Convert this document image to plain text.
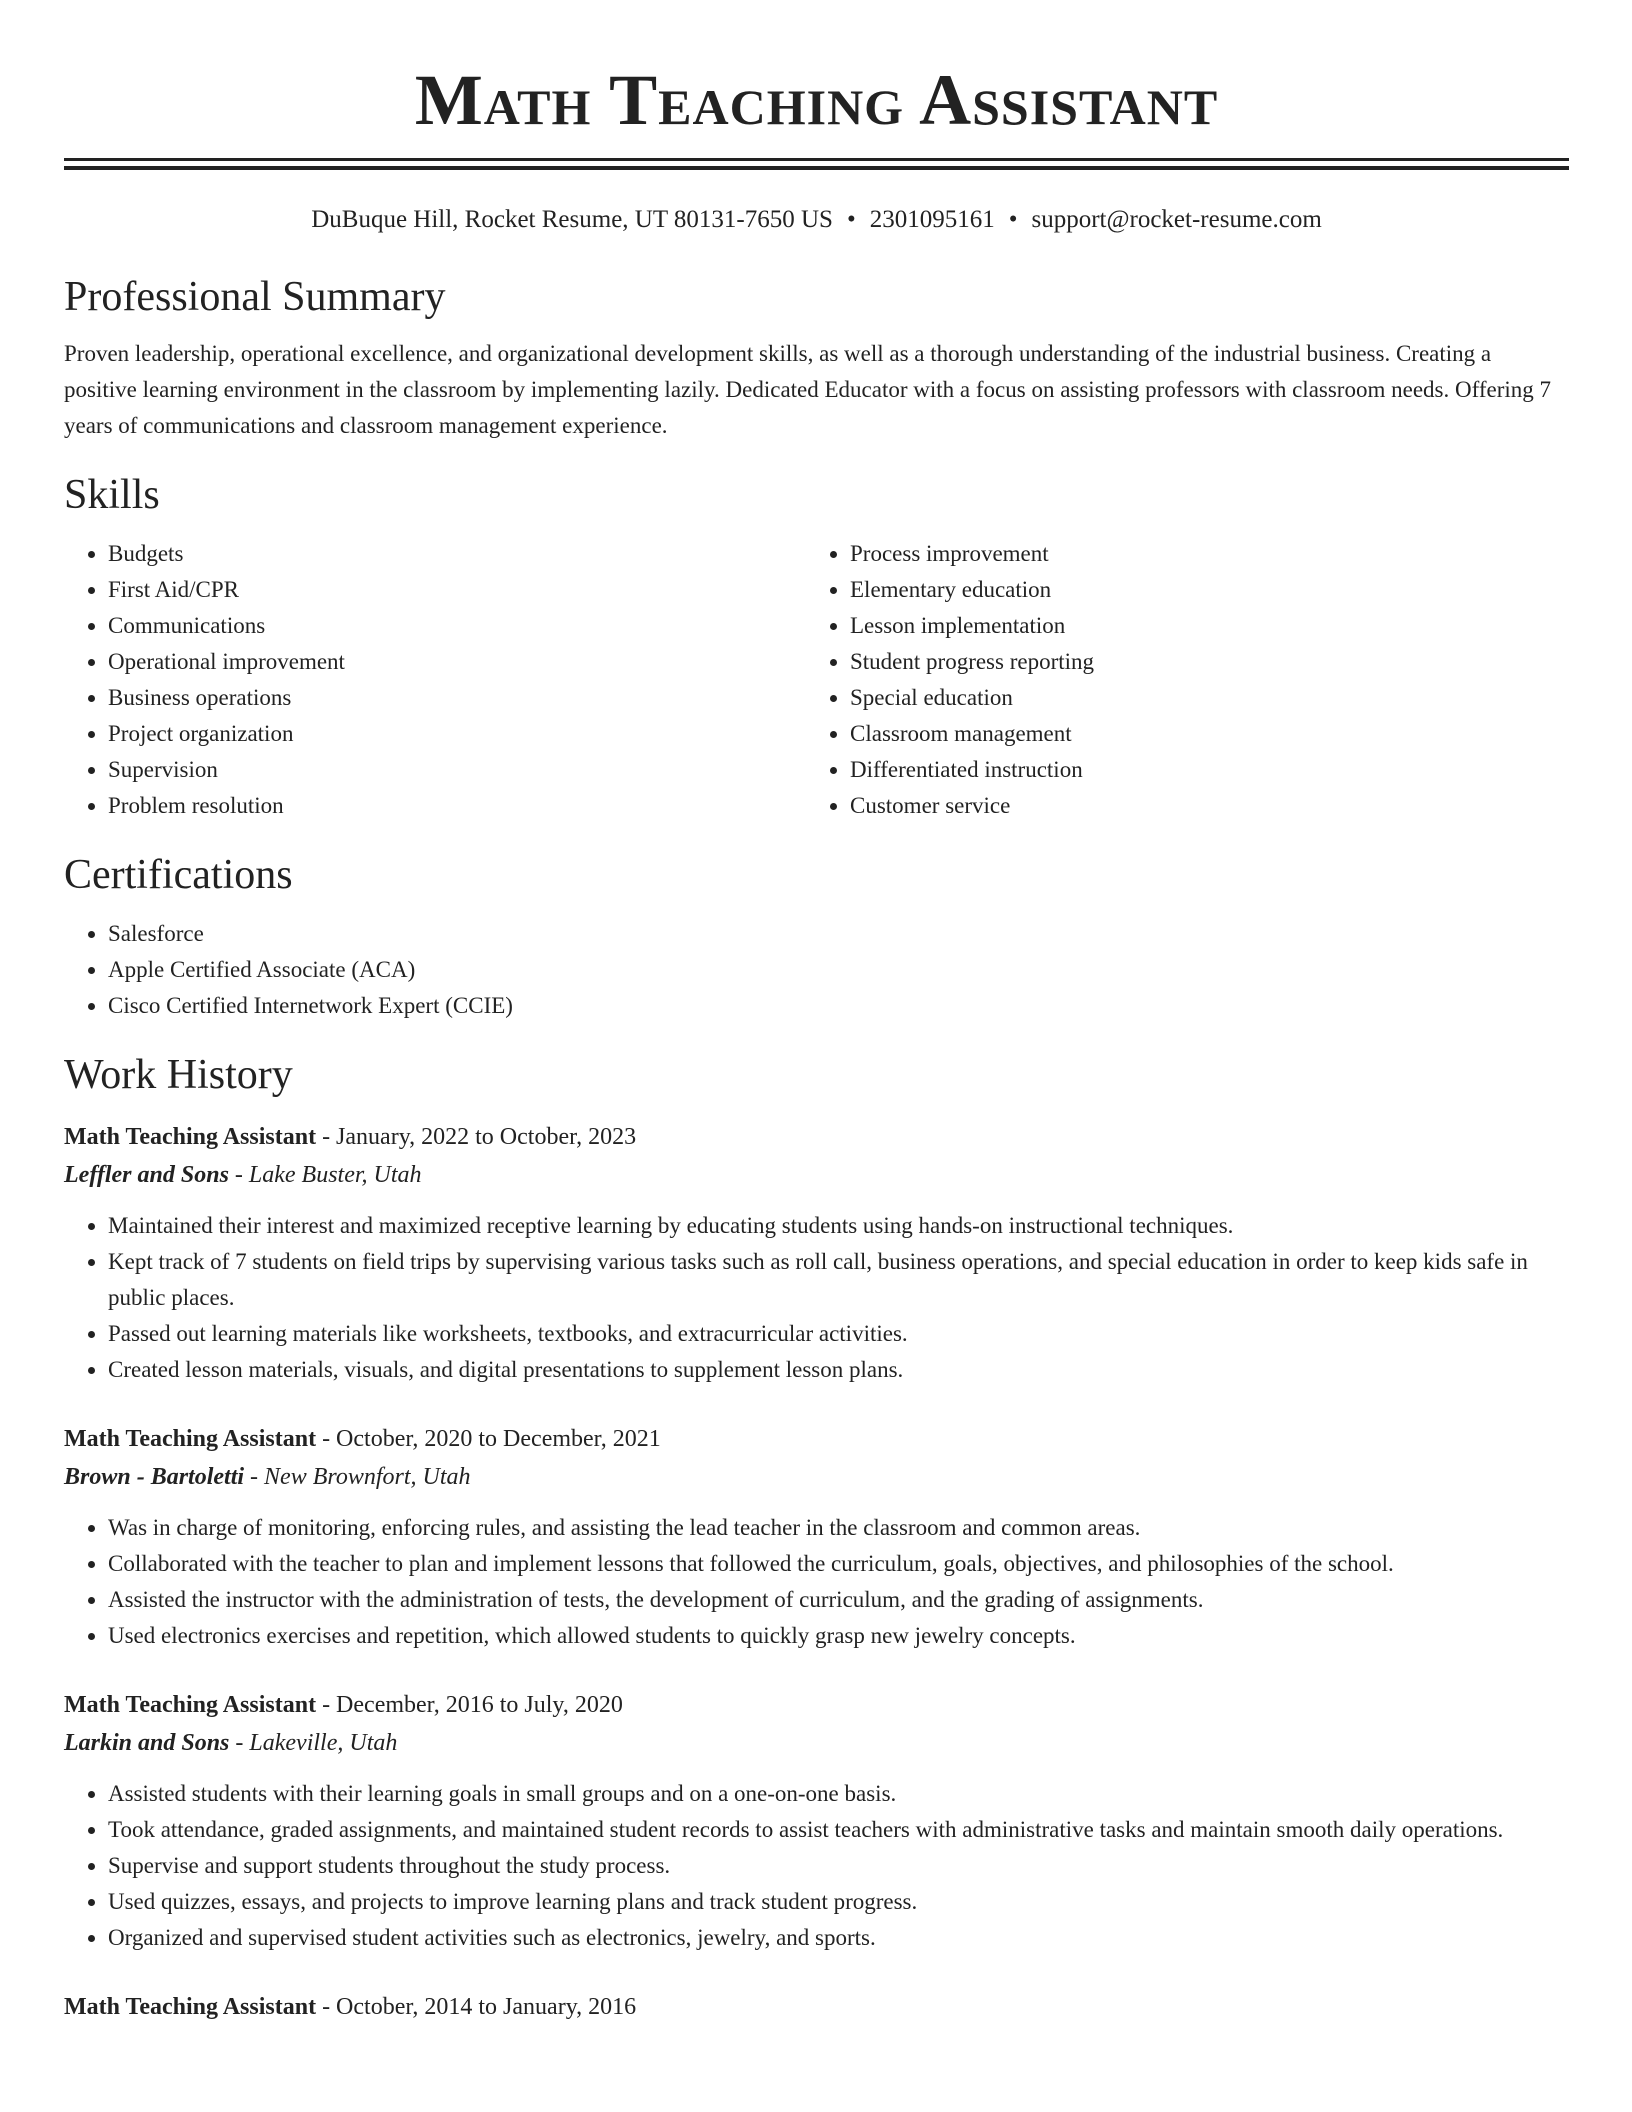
Math Teaching Assistant
DuBuque Hill, Rocket Resume, UT 80131-7650 US • 2301095161 • support@rocket-resume.com
Professional Summary

Proven leadership, operational excellence, and organizational development skills, as well as a thorough understanding of the industrial business. Creating a positive learning environment in the classroom by implementing lazily. Dedicated Educator with a focus on assisting professors with classroom needs. Offering 7 years of communications and classroom management experience.

Skills
• Budgets
• First Aid/CPR
• Communications
• Operational improvement
• Business operations
• Project organization
• Supervision
• Problem resolution
• Process improvement
• Elementary education
• Lesson implementation
• Student progress reporting
• Special education
• Classroom management
• Differentiated instruction
• Customer service
Certifications
• Salesforce
• Apple Certified Associate (ACA)
• Cisco Certified Internetwork Expert (CCIE)
Work History
Math Teaching Assistant - January, 2022 to October, 2023
Leffler and Sons - Lake Buster, Utah
• Maintained their interest and maximized receptive learning by educating students using hands-on instructional techniques.
• Kept track of 7 students on field trips by supervising various tasks such as roll call, business operations, and special education in order to keep kids safe in public places.
• Passed out learning materials like worksheets, textbooks, and extracurricular activities.
• Created lesson materials, visuals, and digital presentations to supplement lesson plans.
Math Teaching Assistant - October, 2020 to December, 2021
Brown - Bartoletti - New Brownfort, Utah
• Was in charge of monitoring, enforcing rules, and assisting the lead teacher in the classroom and common areas.
• Collaborated with the teacher to plan and implement lessons that followed the curriculum, goals, objectives, and philosophies of the school.
• Assisted the instructor with the administration of tests, the development of curriculum, and the grading of assignments.
• Used electronics exercises and repetition, which allowed students to quickly grasp new jewelry concepts.
Math Teaching Assistant - December, 2016 to July, 2020
Larkin and Sons - Lakeville, Utah
• Assisted students with their learning goals in small groups and on a one-on-one basis.
• Took attendance, graded assignments, and maintained student records to assist teachers with administrative tasks and maintain smooth daily operations.
• Supervise and support students throughout the study process.
• Used quizzes, essays, and projects to improve learning plans and track student progress.
• Organized and supervised student activities such as electronics, jewelry, and sports.
Math Teaching Assistant - October, 2014 to January, 2016
